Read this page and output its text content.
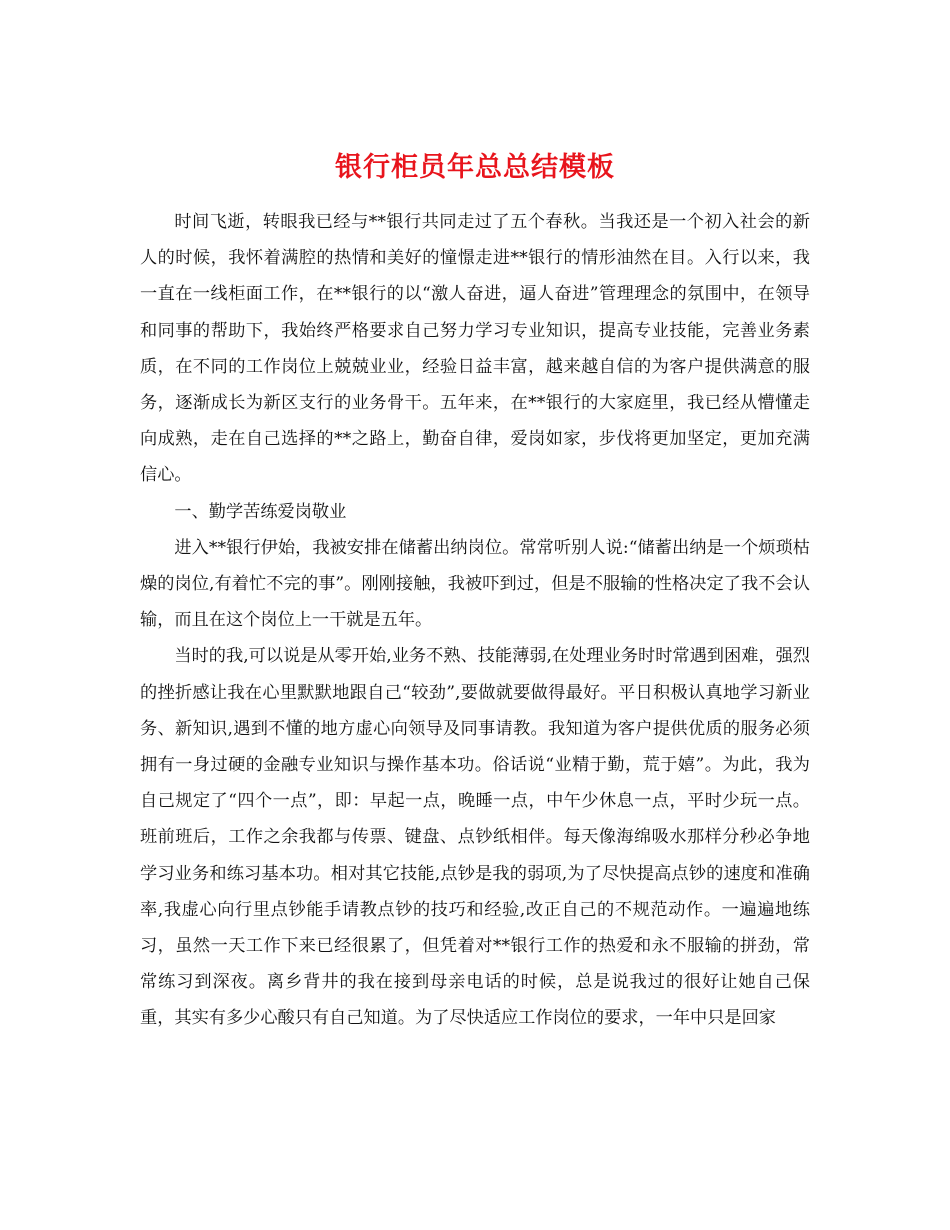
银行柜员年总总结模板

时间飞逝，转眼我已经与**银行共同走过了五个春秋。当我还是一个初入社会的新人的时候，我怀着满腔的热情和美好的憧憬走进**银行的情形油然在目。入行以来，我一直在一线柜面工作，在**银行的以“激人奋进，逼人奋进”管理理念的氛围中，在领导和同事的帮助下，我始终严格要求自己努力学习专业知识，提高专业技能，完善业务素质，在不同的工作岗位上兢兢业业，经验日益丰富，越来越自信的为客户提供满意的服务，逐渐成长为新区支行的业务骨干。五年来，在**银行的大家庭里，我已经从懵懂走向成熟，走在自己选择的**之路上，勤奋自律，爱岗如家，步伐将更加坚定，更加充满信心。

一、勤学苦练爱岗敬业

进入**银行伊始，我被安排在储蓄出纳岗位。常常听别人说:“储蓄出纳是一个烦琐枯燥的岗位,有着忙不完的事”。刚刚接触，我被吓到过，但是不服输的性格决定了我不会认输，而且在这个岗位上一干就是五年。

当时的我,可以说是从零开始,业务不熟、技能薄弱,在处理业务时时常遇到困难，强烈的挫折感让我在心里默默地跟自己“较劲”,要做就要做得最好。平日积极认真地学习新业务、新知识,遇到不懂的地方虚心向领导及同事请教。我知道为客户提供优质的服务必须拥有一身过硬的金融专业知识与操作基本功。俗话说“业精于勤，荒于嬉”。为此，我为自己规定了“四个一点”，即：早起一点，晚睡一点，中午少休息一点，平时少玩一点。班前班后，工作之余我都与传票、键盘、点钞纸相伴。每天像海绵吸水那样分秒必争地学习业务和练习基本功。相对其它技能,点钞是我的弱项,为了尽快提高点钞的速度和准确率,我虚心向行里点钞能手请教点钞的技巧和经验,改正自己的不规范动作。一遍遍地练习，虽然一天工作下来已经很累了，但凭着对**银行工作的热爱和永不服输的拼劲，常常练习到深夜。离乡背井的我在接到母亲电话的时候，总是说我过的很好让她自己保重，其实有多少心酸只有自己知道。为了尽快适应工作岗位的要求，一年中只是回家
